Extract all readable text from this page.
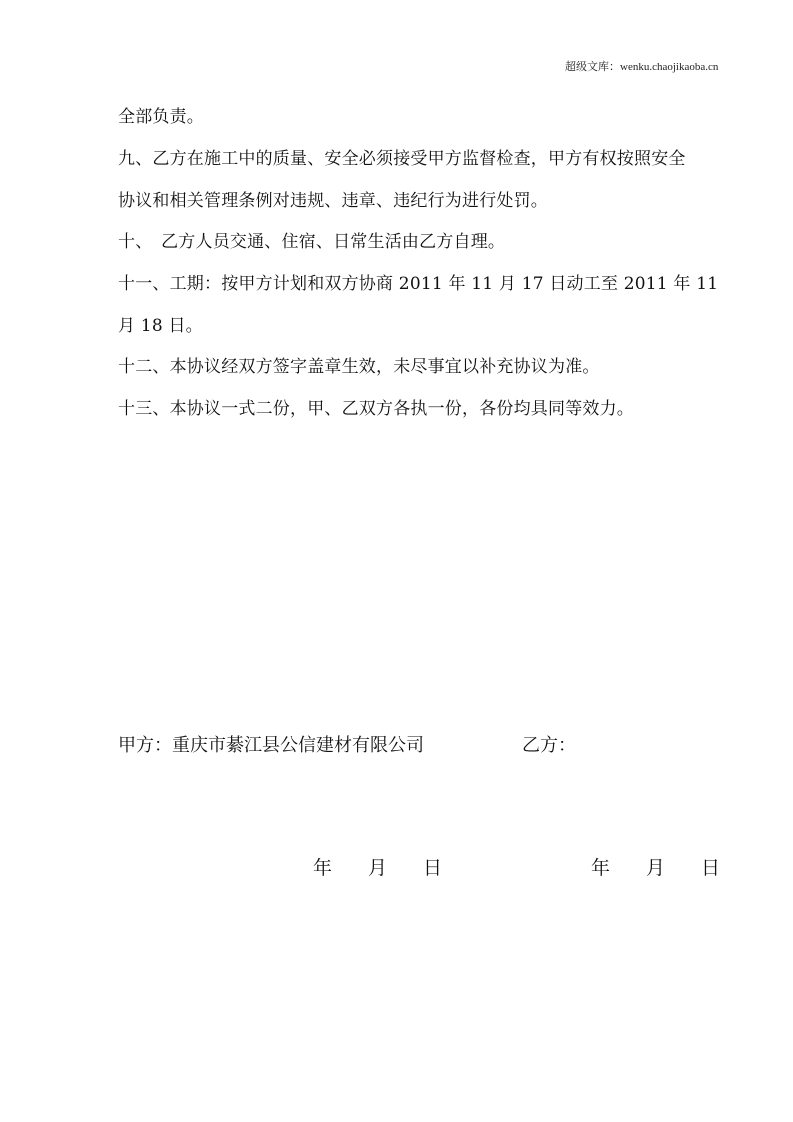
超级文库：wenku.chaojikaoba.cn
全部负责。
九、乙方在施工中的质量、安全必须接受甲方监督检查，甲方有权按照安全
协议和相关管理条例对违规、违章、违纪行为进行处罚。
十、　乙方人员交通、住宿、日常生活由乙方自理。
十一、工期：按甲方计划和双方协商 2011 年 11 月 17 日动工至 2011 年 11
月 18 日。
十二、本协议经双方签字盖章生效，未尽事宜以补充协议为准。
十三、本协议一式二份，甲、乙双方各执一份，各份均具同等效力。
甲方：重庆市綦江县公信建材有限公司	乙方：
年 月 日	年 月 日
